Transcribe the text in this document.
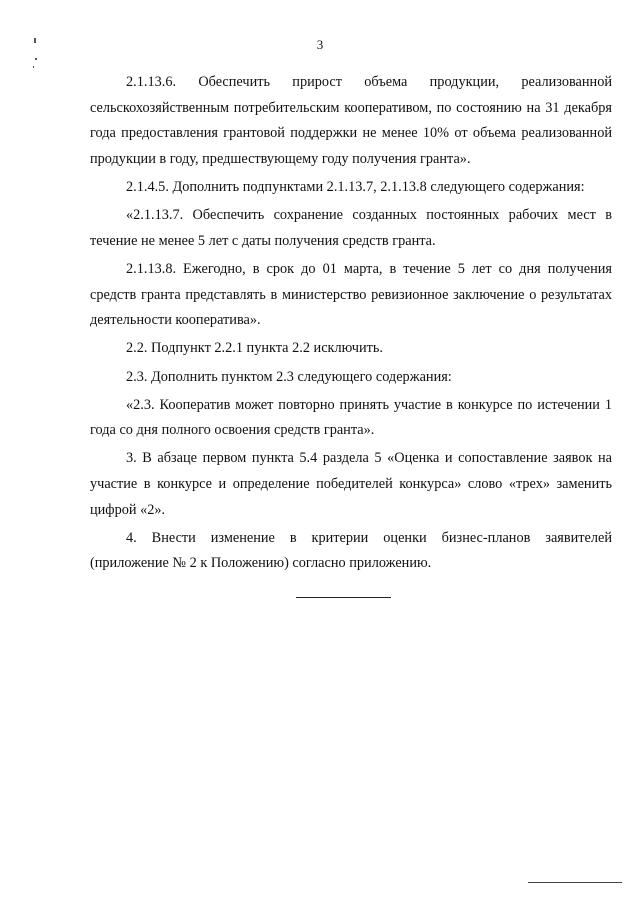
3

2.1.13.6. Обеспечить прирост объема продукции, реализованной сельскохозяйственным потребительским кооперативом, по состоянию на 31 декабря года предоставления грантовой поддержки не менее 10% от объема реализованной продукции в году, предшествующему году получения гранта».

2.1.4.5. Дополнить подпунктами 2.1.13.7, 2.1.13.8 следующего содержания:

«2.1.13.7. Обеспечить сохранение созданных постоянных рабочих мест в течение не менее 5 лет с даты получения средств гранта.

2.1.13.8. Ежегодно, в срок до 01 марта, в течение 5 лет со дня получения средств гранта представлять в министерство ревизионное заключение о результатах деятельности кооператива».

2.2. Подпункт 2.2.1 пункта 2.2 исключить.

2.3. Дополнить пунктом 2.3 следующего содержания:

«2.3. Кооператив может повторно принять участие в конкурсе по истечении 1 года со дня полного освоения средств гранта».

3. В абзаце первом пункта 5.4 раздела 5 «Оценка и сопоставление заявок на участие в конкурсе и определение победителей конкурса» слово «трех» заменить цифрой «2».

4. Внести изменение в критерии оценки бизнес-планов заявителей (приложение № 2 к Положению) согласно приложению.
